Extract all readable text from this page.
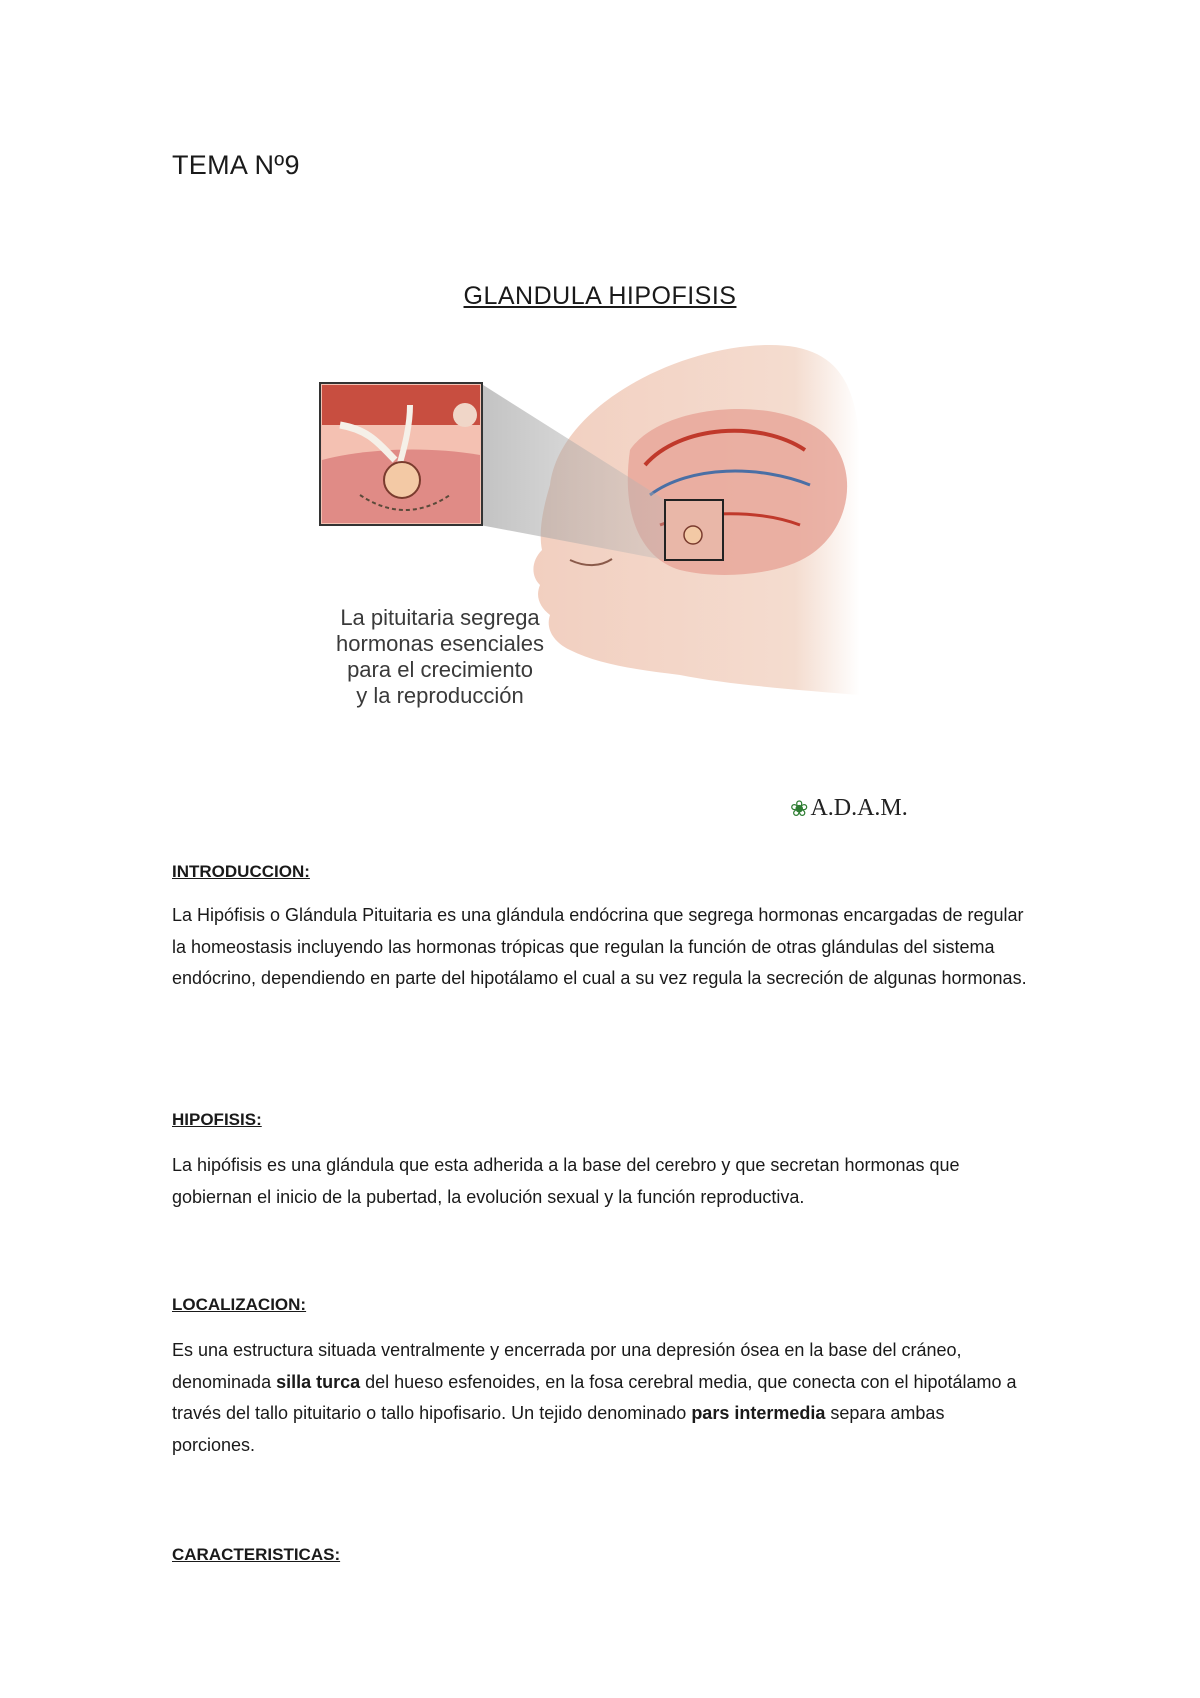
TEMA Nº9
GLANDULA HIPOFISIS
La pituitaria segrega
hormonas esenciales
para el crecimiento
y la reproducción
❀ A.D.A.M.
INTRODUCCION:

La Hipófisis o Glándula Pituitaria es una glándula endócrina que segrega hormonas encargadas de regular la homeostasis incluyendo las hormonas trópicas que regulan la función de otras glándulas del sistema endócrino, dependiendo en parte del hipotálamo el cual a su vez regula la secreción de algunas hormonas.

HIPOFISIS:

La hipófisis es una glándula que esta adherida a la base del cerebro y que secretan hormonas que gobiernan el inicio de la pubertad, la evolución sexual y la función reproductiva.

LOCALIZACION:

Es una estructura situada ventralmente y encerrada por una depresión ósea en la base del cráneo, denominada silla turca del hueso esfenoides, en la fosa cerebral media, que conecta con el hipotálamo a través del tallo pituitario o tallo hipofisario. Un tejido denominado pars intermedia separa ambas porciones.

CARACTERISTICAS:
